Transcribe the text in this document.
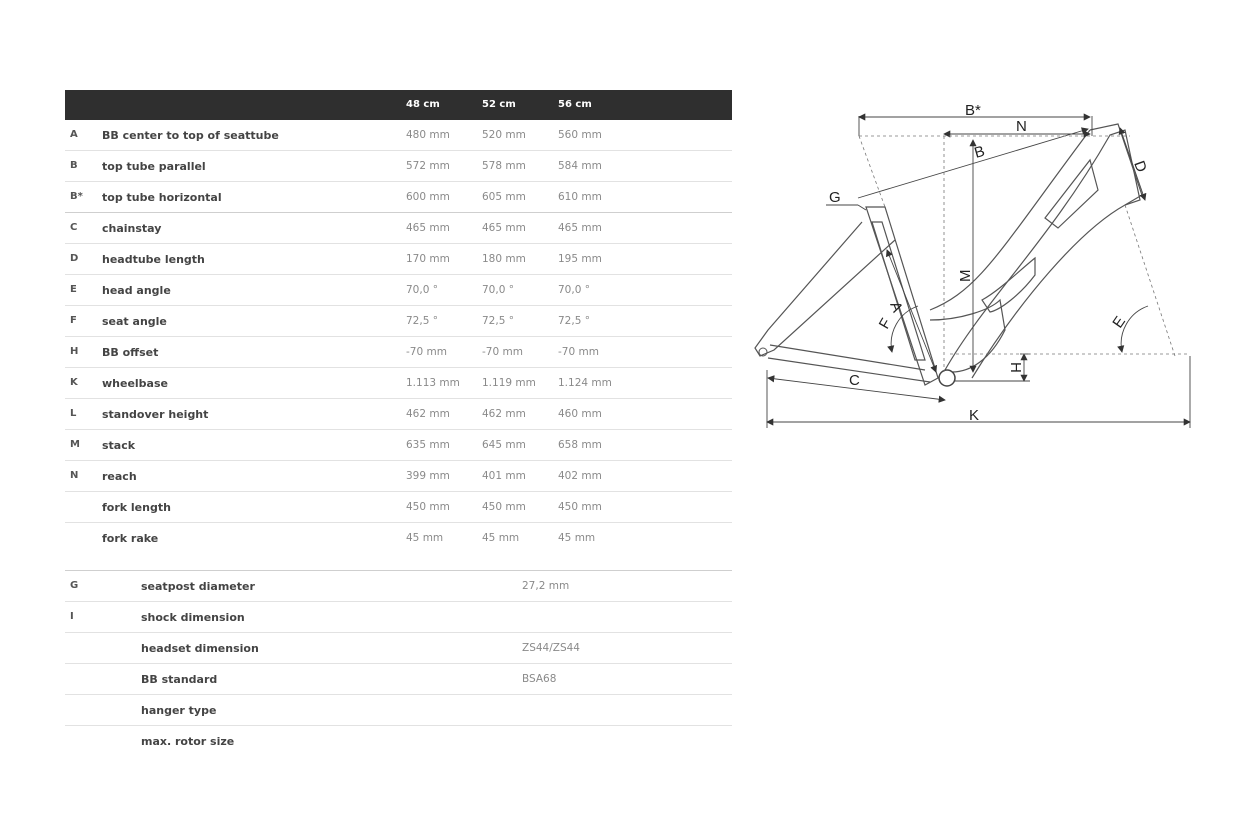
48 cm	52 cm	56 cm
A BB center to top of seattube	480 mm	520 mm	560 mm
B top tube parallel	572 mm	578 mm	584 mm
B* top tube horizontal	600 mm	605 mm	610 mm
C chainstay	465 mm	465 mm	465 mm
D headtube length	170 mm	180 mm	195 mm
E head angle	70,0 °	70,0 °	70,0 °
F seat angle	72,5 °	72,5 °	72,5 °
H BB offset	-70 mm	-70 mm	-70 mm
K wheelbase	1.113 mm 1.119 mm 1.124 mm
L standover height	462 mm	462 mm	460 mm
M stack	635 mm	645 mm	658 mm
N reach	399 mm	401 mm	402 mm
fork length	450 mm	450 mm	450 mm
fork rake	45 mm	45 mm	45 mm
G	seatpost diameter	27,2 mm
I	shock dimension
headset dimension	ZS44/ZS44
BB standard	BSA68
hanger type
max. rotor size
B*
N
B
D
G
M
A
F	E
H
C
K
